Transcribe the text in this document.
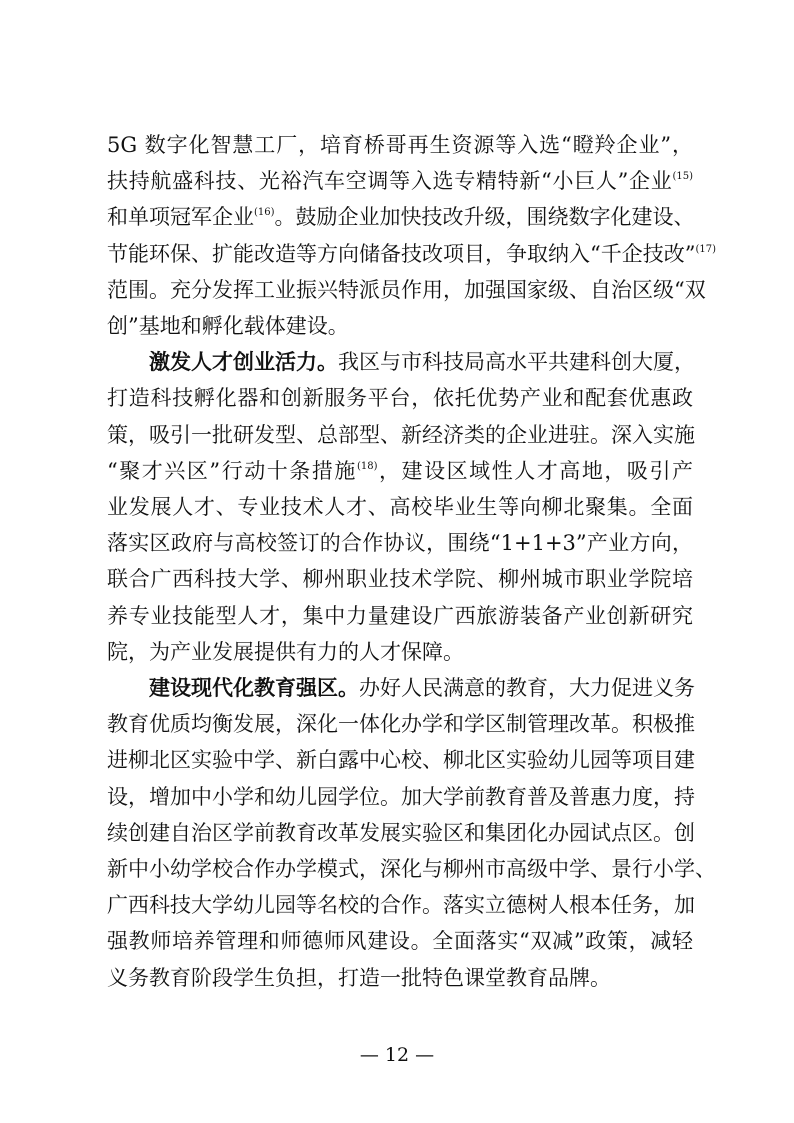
5G 数字化智慧工厂，培育桥哥再生资源等入选“瞪羚企业”，
扶持航盛科技、光裕汽车空调等入选专精特新“小巨人”企业$^{(15)}$
和单项冠军企业$^{(16)}$。鼓励企业加快技改升级，围绕数字化建设、
节能环保、扩能改造等方向储备技改项目，争取纳入“千企技改”$^{(17)}$
范围。充分发挥工业振兴特派员作用，加强国家级、自治区级“双
创”基地和孵化载体建设。
激发人才创业活力。我区与市科技局高水平共建科创大厦，
打造科技孵化器和创新服务平台，依托优势产业和配套优惠政
策，吸引一批研发型、总部型、新经济类的企业进驻。深入实施
“聚才兴区”行动十条措施$^{(18)}$，建设区域性人才高地，吸引产
业发展人才、专业技术人才、高校毕业生等向柳北聚集。全面
落实区政府与高校签订的合作协议，围绕“1+1+3”产业方向，
联合广西科技大学、柳州职业技术学院、柳州城市职业学院培
养专业技能型人才，集中力量建设广西旅游装备产业创新研究
院，为产业发展提供有力的人才保障。
建设现代化教育强区。办好人民满意的教育，大力促进义务
教育优质均衡发展，深化一体化办学和学区制管理改革。积极推
进柳北区实验中学、新白露中心校、柳北区实验幼儿园等项目建
设，增加中小学和幼儿园学位。加大学前教育普及普惠力度，持
续创建自治区学前教育改革发展实验区和集团化办园试点区。创
新中小幼学校合作办学模式，深化与柳州市高级中学、景行小学、
广西科技大学幼儿园等名校的合作。落实立德树人根本任务，加
强教师培养管理和师德师风建设。全面落实“双减”政策，减轻
义务教育阶段学生负担，打造一批特色课堂教育品牌。
— 12 —
